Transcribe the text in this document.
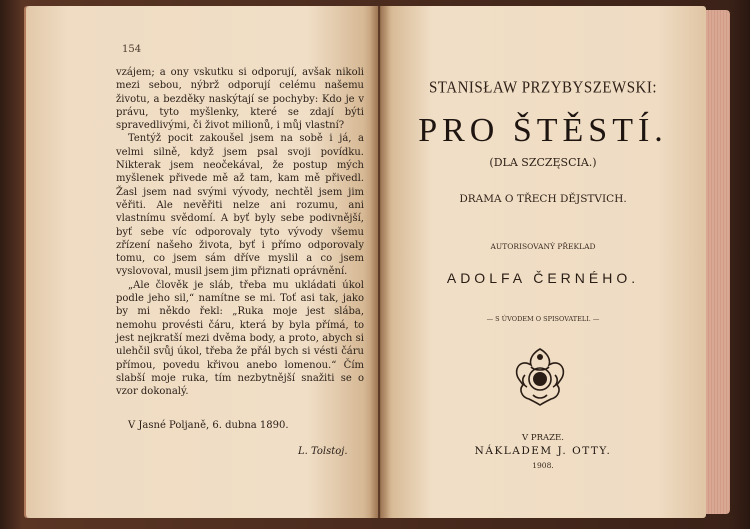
154

vzájem; a ony vskutku si odporují, avšak nikoli mezi sebou, nýbrž odporují celému našemu životu, a bezděky naskýtají se pochyby: Kdo je v právu, tyto myšlenky, které se zdají býti spravedlivými, či život milionů, i můj vlastní?

Tentýž pocit zakoušel jsem na sobě i já, a velmi silně, když jsem psal svoji povídku. Nikterak jsem neočekával, že postup mých myšlenek přivede mě až tam, kam mě přivedl. Žasl jsem nad svými vývody, nechtěl jsem jim věřiti. Ale nevěřiti nelze ani rozumu, ani vlastnímu svědomí. A byť byly sebe podivnější, byť sebe víc odporovaly tyto vývody všemu zřízení našeho života, byť i přímo odporovaly tomu, co jsem sám dříve myslil a co jsem vyslovoval, musil jsem jim přiznati oprávnění.

„Ale člověk je sláb, třeba mu ukládati úkol podle jeho sil,“ namítne se mi. Toť asi tak, jako by mi někdo řekl: „Ruka moje jest slába, nemohu provésti čáru, která by byla přímá, to jest nejkratší mezi dvěma body, a proto, abych si ulehčil svůj úkol, třeba že přál bych si vésti čáru přímou, povedu křivou anebo lomenou.“ Čím slabší moje ruka, tím nezbytnější snažiti se o vzor dokonalý.

V Jasné Poljaně, 6. dubna 1890.
L. Tolstoj.
STANISŁAW PRZYBYSZEWSKI:
PRO ŠTĚSTÍ.
(DLA SZCZĘSCIA.)
DRAMA O TŘECH DĚJSTVICH.
AUTORISOVANÝ PŘEKLAD
ADOLFA ČERNÉHO.
— S ÚVODEM O SPISOVATELI. —
V PRAZE.
NÁKLADEM J. OTTY.
1908.
